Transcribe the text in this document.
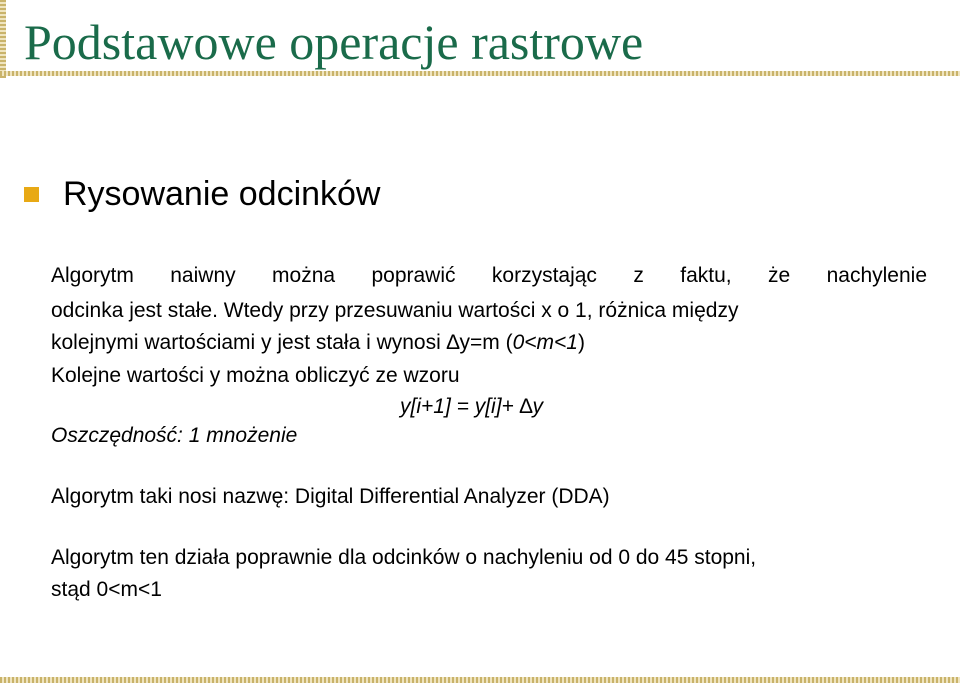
Podstawowe operacje rastrowe
Rysowanie odcinków

Algorytm naiwny można poprawić korzystając z faktu, że nachylenie

odcinka jest stałe. Wtedy przy przesuwaniu wartości x o 1, różnica między

kolejnymi wartościami y jest stała i wynosi ∆y=m (0<m<1)

Kolejne wartości y można obliczyć ze wzoru

y[i+1] = y[i]+ ∆y

Oszczędność: 1 mnożenie

Algorytm taki nosi nazwę: Digital Differential Analyzer (DDA)

Algorytm ten działa poprawnie dla odcinków o nachyleniu od 0 do 45 stopni,

stąd 0<m<1
